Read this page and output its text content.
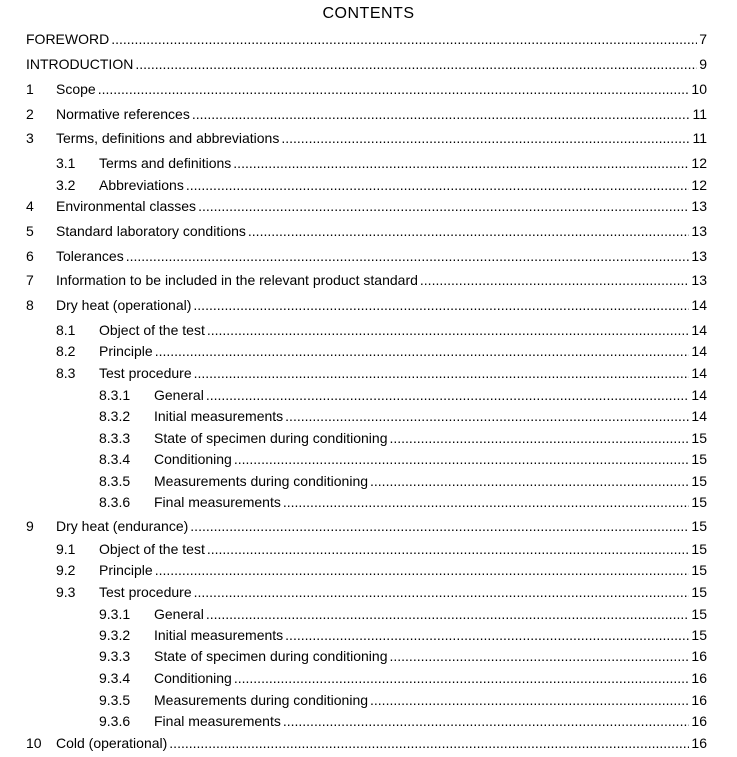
CONTENTS
FOREWORD .....	7
INTRODUCTION .....	9
1	Scope .....	10
2	Normative references .....	11
3	Terms, definitions and abbreviations .....	11
3.1	Terms and definitions .....	12
3.2	Abbreviations .....	12
4	Environmental classes .....	13
5	Standard laboratory conditions .....	13
6	Tolerances .....	13
7	Information to be included in the relevant product standard .....	13
8	Dry heat (operational) .....	14
8.1	Object of the test .....	14
8.2	Principle .....	14
8.3	Test procedure .....	14
8.3.1	General .....	14
8.3.2	Initial measurements .....	14
8.3.3	State of specimen during conditioning .....	15
8.3.4	Conditioning .....	15
8.3.5	Measurements during conditioning .....	15
8.3.6	Final measurements .....	15
9	Dry heat (endurance) .....	15
9.1	Object of the test .....	15
9.2	Principle .....	15
9.3	Test procedure .....	15
9.3.1	General .....	15
9.3.2	Initial measurements .....	15
9.3.3	State of specimen during conditioning .....	16
9.3.4	Conditioning .....	16
9.3.5	Measurements during conditioning .....	16
9.3.6	Final measurements .....	16
10	Cold (operational) .....	16
